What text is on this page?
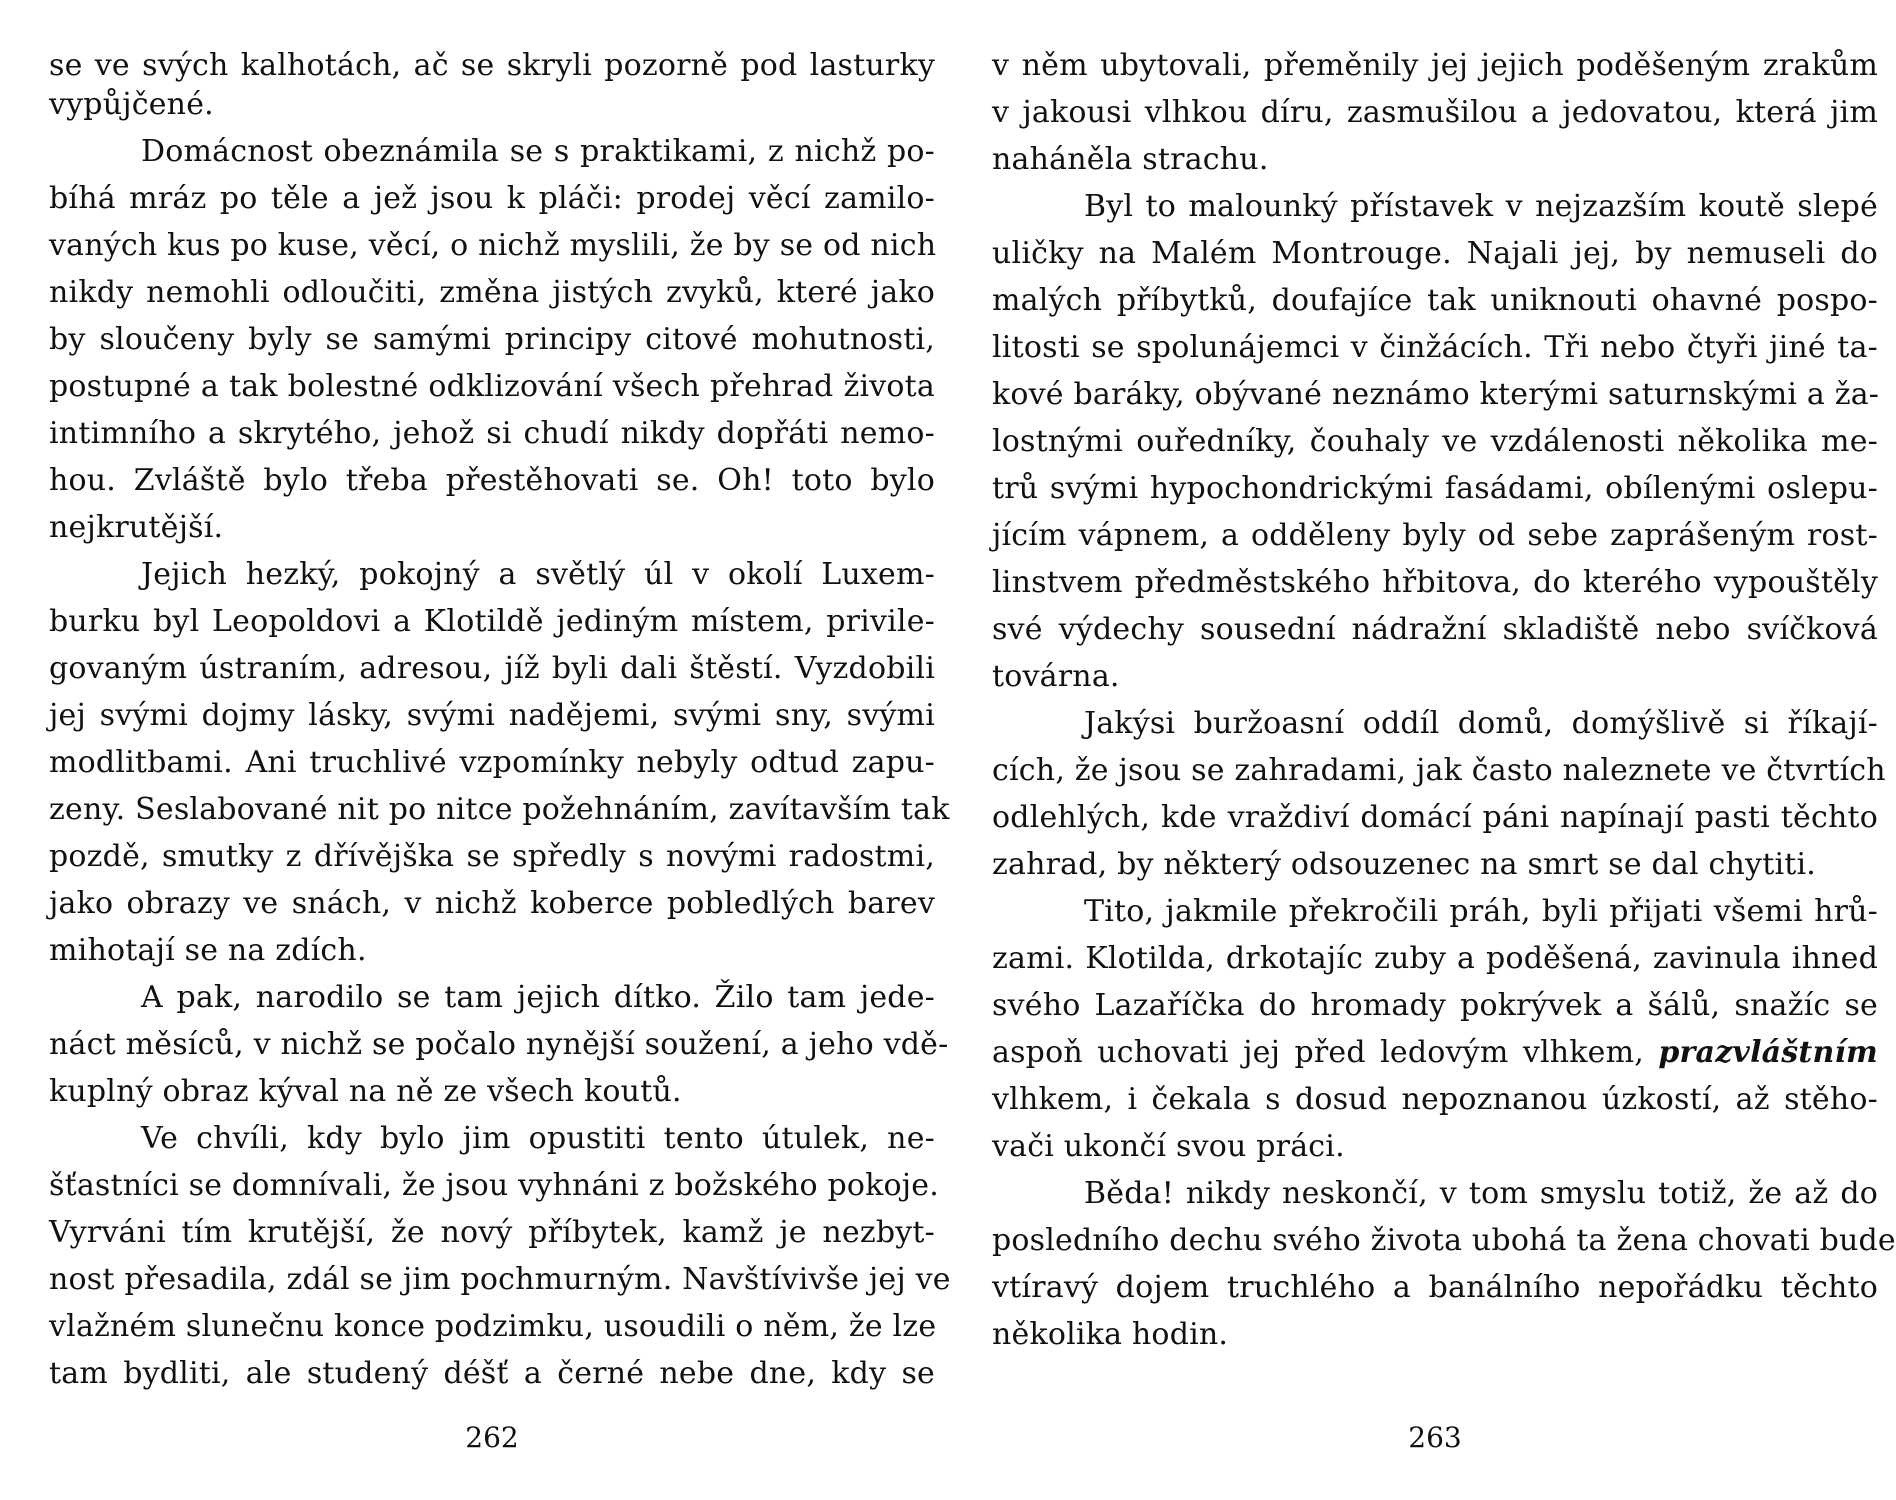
se ve svých kalhotách, ač se skryli pozorně pod lasturky
vypůjčené.
Domácnost obeznámila se s praktikami, z nichž po-
bíhá mráz po těle a jež jsou k pláči: prodej věcí zamilo-
vaných kus po kuse, věcí, o nichž myslili, že by se od nich
nikdy nemohli odloučiti, změna jistých zvyků, které jako
by sloučeny byly se samými principy citové mohutnosti,
postupné a tak bolestné odklizování všech přehrad života
intimního a skrytého, jehož si chudí nikdy dopřáti nemo-
hou. Zvláště bylo třeba přestěhovati se. Oh! toto bylo
nejkrutější.
Jejich hezký, pokojný a světlý úl v okolí Luxem-
burku byl Leopoldovi a Klotildě jediným místem, privile-
govaným ústraním, adresou, jíž byli dali štěstí. Vyzdobili
jej svými dojmy lásky, svými nadějemi, svými sny, svými
modlitbami. Ani truchlivé vzpomínky nebyly odtud zapu-
zeny. Seslabované nit po nitce požehnáním, zavítavším tak
pozdě, smutky z dřívějška se spředly s novými radostmi,
jako obrazy ve snách, v nichž koberce pobledlých barev
mihotají se na zdích.
A pak, narodilo se tam jejich dítko. Žilo tam jede-
náct měsíců, v nichž se počalo nynější soužení, a jeho vdě-
kuplný obraz kýval na ně ze všech koutů.
Ve chvíli, kdy bylo jim opustiti tento útulek, ne-
šťastníci se domnívali, že jsou vyhnáni z božského pokoje.
Vyrváni tím krutější, že nový příbytek, kamž je nezbyt-
nost přesadila, zdál se jim pochmurným. Navštívivše jej ve
vlažném slunečnu konce podzimku, usoudili o něm, že lze
tam bydliti, ale studený déšť a černé nebe dne, kdy se
262
v něm ubytovali, přeměnily jej jejich poděšeným zrakům
v jakousi vlhkou díru, zasmušilou a jedovatou, která jim
naháněla strachu.
Byl to malounký přístavek v nejzazším koutě slepé
uličky na Malém Montrouge. Najali jej, by nemuseli do
malých příbytků, doufajíce tak uniknouti ohavné pospo-
litosti se spolunájemci v činžácích. Tři nebo čtyři jiné ta-
kové baráky, obývané neznámo kterými saturnskými a ža-
lostnými ouředníky, čouhaly ve vzdálenosti několika me-
trů svými hypochondrickými fasádami, obílenými oslepu-
jícím vápnem, a odděleny byly od sebe zaprášeným rost-
linstvem předměstského hřbitova, do kterého vypouštěly
své výdechy sousední nádražní skladiště nebo svíčková
továrna.
Jakýsi buržoasní oddíl domů, domýšlivě si říkají-
cích, že jsou se zahradami, jak často naleznete ve čtvrtích
odlehlých, kde vraždiví domácí páni napínají pasti těchto
zahrad, by některý odsouzenec na smrt se dal chytiti.
Tito, jakmile překročili práh, byli přijati všemi hrů-
zami. Klotilda, drkotajíc zuby a poděšená, zavinula ihned
svého Lazaříčka do hromady pokrývek a šálů, snažíc se
aspoň uchovati jej před ledovým vlhkem, prazvláštním
vlhkem, i čekala s dosud nepoznanou úzkostí, až stěho-
vači ukončí svou práci.
Běda! nikdy neskončí, v tom smyslu totiž, že až do
posledního dechu svého života ubohá ta žena chovati bude
vtíravý dojem truchlého a banálního nepořádku těchto
několika hodin.
263
